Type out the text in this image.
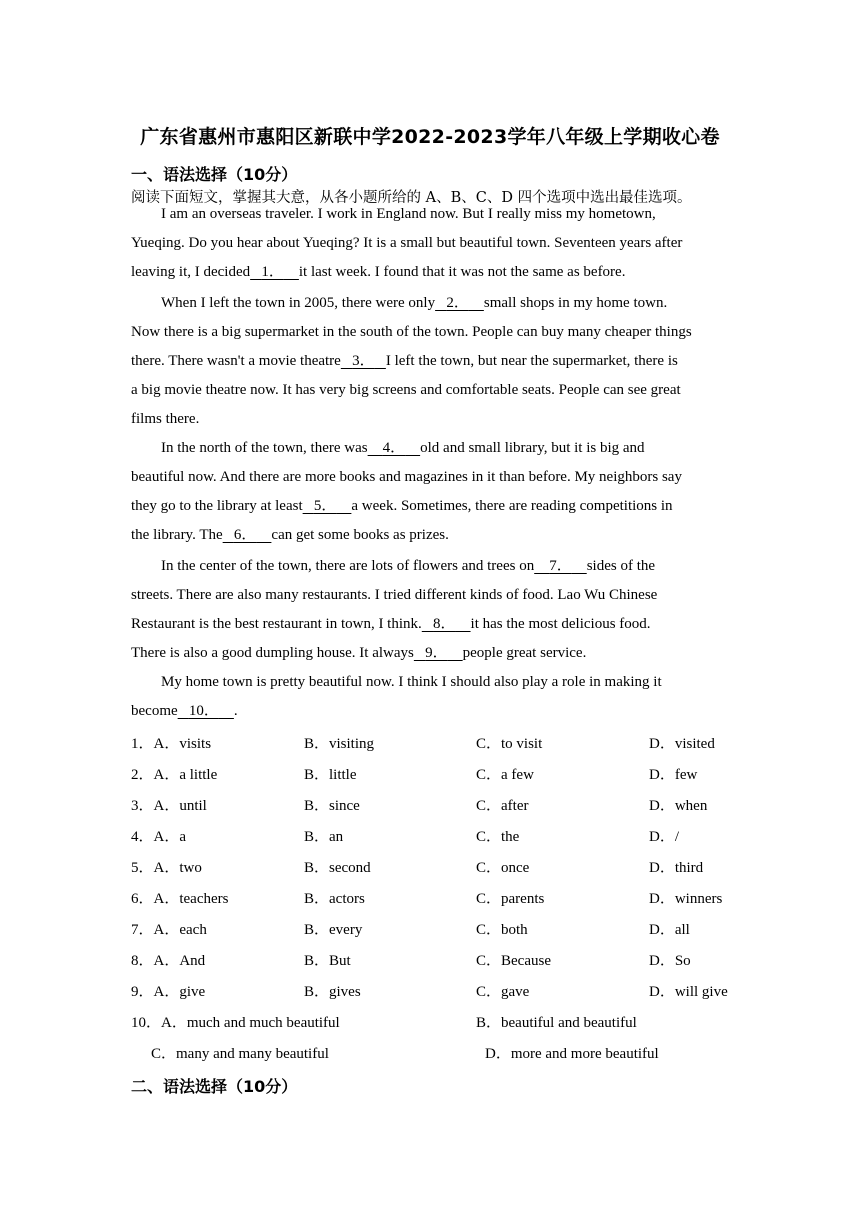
广东省惠州市惠阳区新联中学2022-2023学年八年级上学期收心卷
一、语法选择（10分）
阅读下面短文，掌握其大意，从各小题所给的 A、B、C、D 四个选项中选出最佳选项。
I am an overseas traveler. I work in England now. But I really miss my hometown,
Yueqing. Do you hear about Yueqing? It is a small but beautiful town. Seventeen years after
leaving it, I decided 1． it last week. I found that it was not the same as before.
When I left the town in 2005, there were only 2． small shops in my home town.
Now there is a big supermarket in the south of the town. People can buy many cheaper things
there. There wasn't a movie theatre 3． I left the town, but near the supermarket, there is
a big movie theatre now. It has very big screens and comfortable seats. People can see great
films there.
In the north of the town, there was 4． old and small library, but it is big and
beautiful now. And there are more books and magazines in it than before. My neighbors say
they go to the library at least 5． a week. Sometimes, there are reading competitions in
the library. The 6． can get some books as prizes.
In the center of the town, there are lots of flowers and trees on 7． sides of the
streets. There are also many restaurants. I tried different kinds of food. Lao Wu Chinese
Restaurant is the best restaurant in town, I think. 8． it has the most delicious food.
There is also a good dumpling house. It always 9． people great service.
My home town is pretty beautiful now. I think I should also play a role in making it
become 10． .
1．A．visits	B．visiting	C．to visit	D．visited
2．A．a little	B．little	C．a few	D．few
3．A．until	B．since	C．after	D．when
4．A．a	B．an	C．the	D．/
5．A．two	B．second	C．once	D．third
6．A．teachers	B．actors	C．parents	D．winners
7．A．each	B．every	C．both	D．all
8．A．And	B．But	C．Because	D．So
9．A．give	B．gives	C．gave	D．will give
10．A．much and much beautiful	B．beautiful and beautiful
C．many and many beautiful	D．more and more beautiful
二、语法选择（10分）
